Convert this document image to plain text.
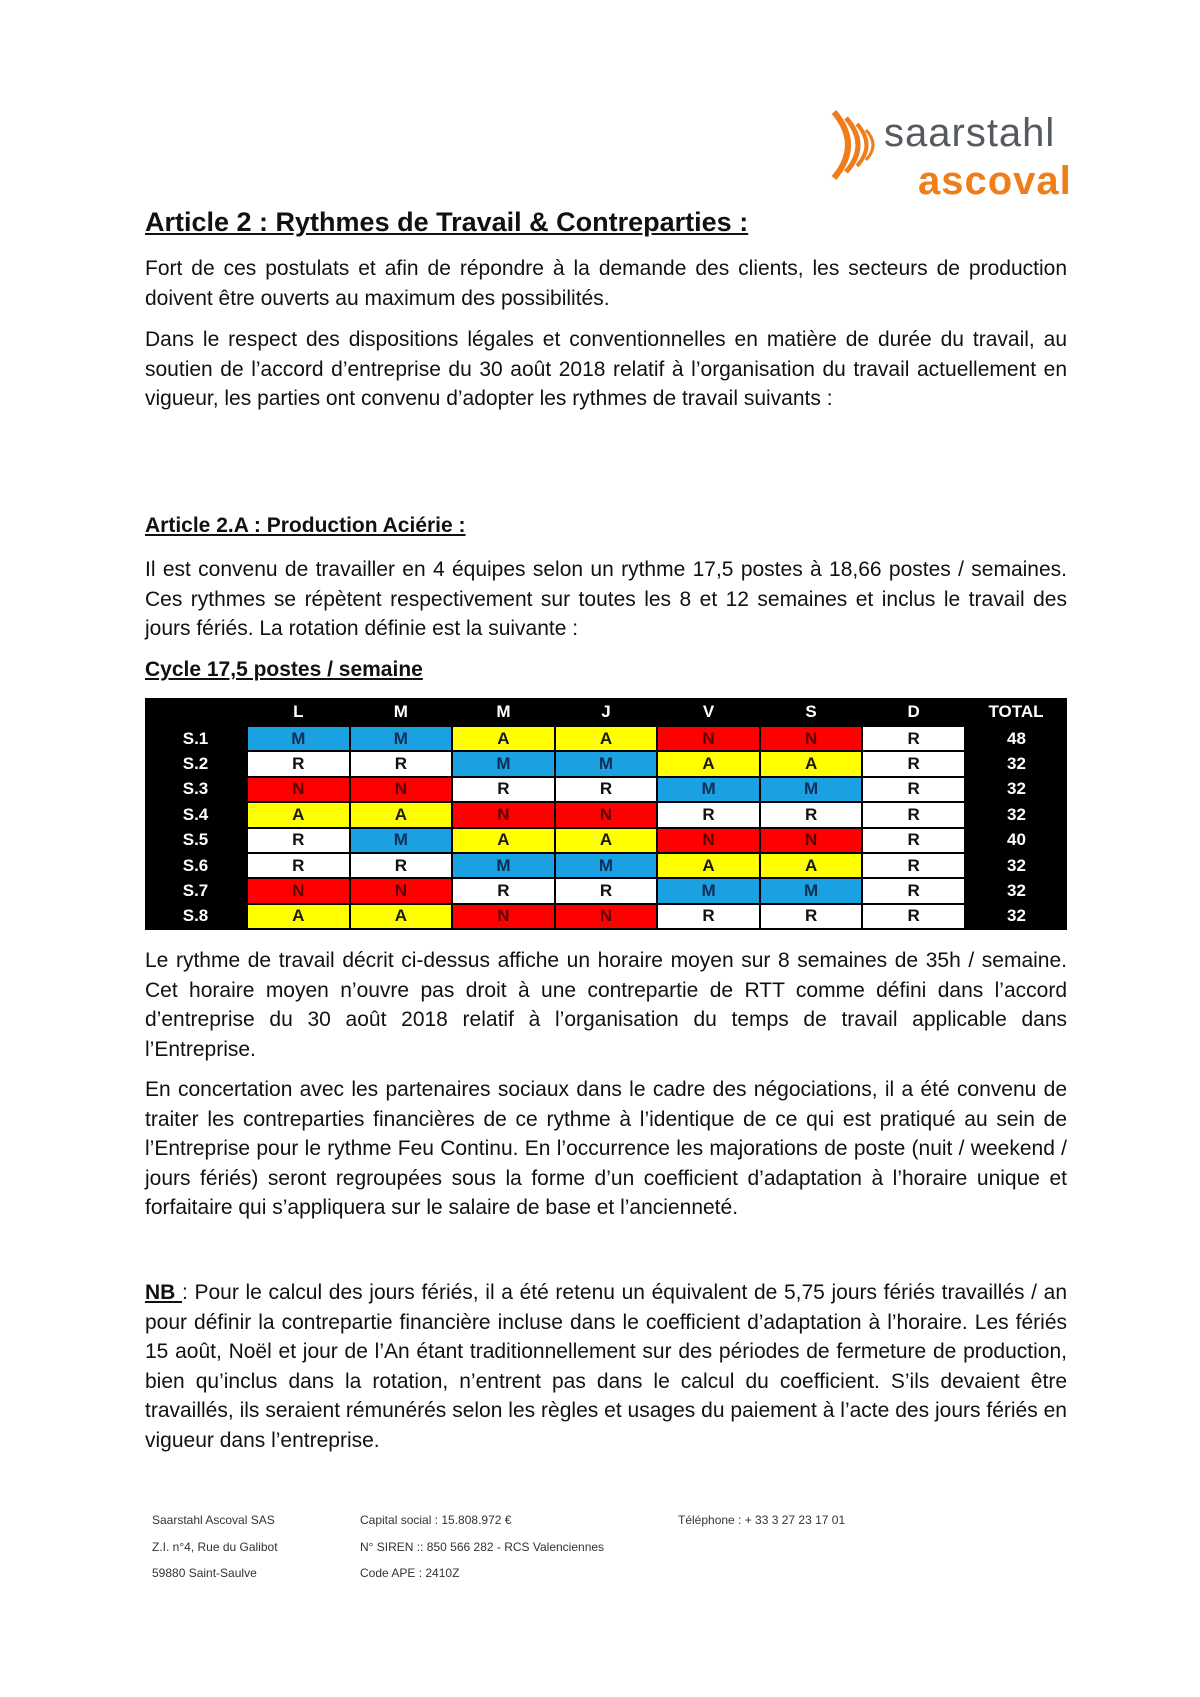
saarstahl
ascoval
Article 2 : Rythmes de Travail & Contreparties :

Fort de ces postulats et afin de répondre à la demande des clients, les secteurs de production doivent être ouverts au maximum des possibilités.

Dans le respect des dispositions légales et conventionnelles en matière de durée du travail, au soutien de l’accord d’entreprise du 30 août 2018 relatif à l’organisation du travail actuellement en vigueur, les parties ont convenu d’adopter les rythmes de travail suivants :

Article 2.A : Production Aciérie :

Il est convenu de travailler en 4 équipes selon un rythme 17,5 postes à 18,66 postes / semaines. Ces rythmes se répètent respectivement sur toutes les 8 et 12 semaines et inclus le travail des jours fériés. La rotation définie est la suivante :

Cycle 17,5 postes / semaine
	L	M	M	J	V	S	D	TOTAL
S.1	M	M	A	A	N	N	R	48
S.2	R	R	M	M	A	A	R	32
S.3	N	N	R	R	M	M	R	32
S.4	A	A	N	N	R	R	R	32
S.5	R	M	A	A	N	N	R	40
S.6	R	R	M	M	A	A	R	32
S.7	N	N	R	R	M	M	R	32
S.8	A	A	N	N	R	R	R	32

Le rythme de travail décrit ci-dessus affiche un horaire moyen sur 8 semaines de 35h / semaine. Cet horaire moyen n’ouvre pas droit à une contrepartie de RTT comme défini dans l’accord d’entreprise du 30 août 2018 relatif à l’organisation du temps de travail applicable dans l’Entreprise.

En concertation avec les partenaires sociaux dans le cadre des négociations, il a été convenu de traiter les contreparties financières de ce rythme à l’identique de ce qui est pratiqué au sein de l’Entreprise pour le rythme Feu Continu. En l’occurrence les majorations de poste (nuit / weekend / jours fériés) seront regroupées sous la forme d’un coefficient d’adaptation à l’horaire unique et forfaitaire qui s’appliquera sur le salaire de base et l’ancienneté.

NB : Pour le calcul des jours fériés, il a été retenu un équivalent de 5,75 jours fériés travaillés / an pour définir la contrepartie financière incluse dans le coefficient d’adaptation à l’horaire. Les fériés 15 août, Noël et jour de l’An étant traditionnellement sur des périodes de fermeture de production, bien qu’inclus dans la rotation, n’entrent pas dans le calcul du coefficient. S’ils devaient être travaillés, ils seraient rémunérés selon les règles et usages du paiement à l’acte des jours fériés en vigueur dans l’entreprise.

Saarstahl Ascoval SAS
Z.I. n°4, Rue du Galibot
59880 Saint-Saulve
Capital social : 15.808.972 €
N° SIREN :: 850 566 282 - RCS Valenciennes
Code APE : 2410Z
Téléphone : + 33 3 27 23 17 01
